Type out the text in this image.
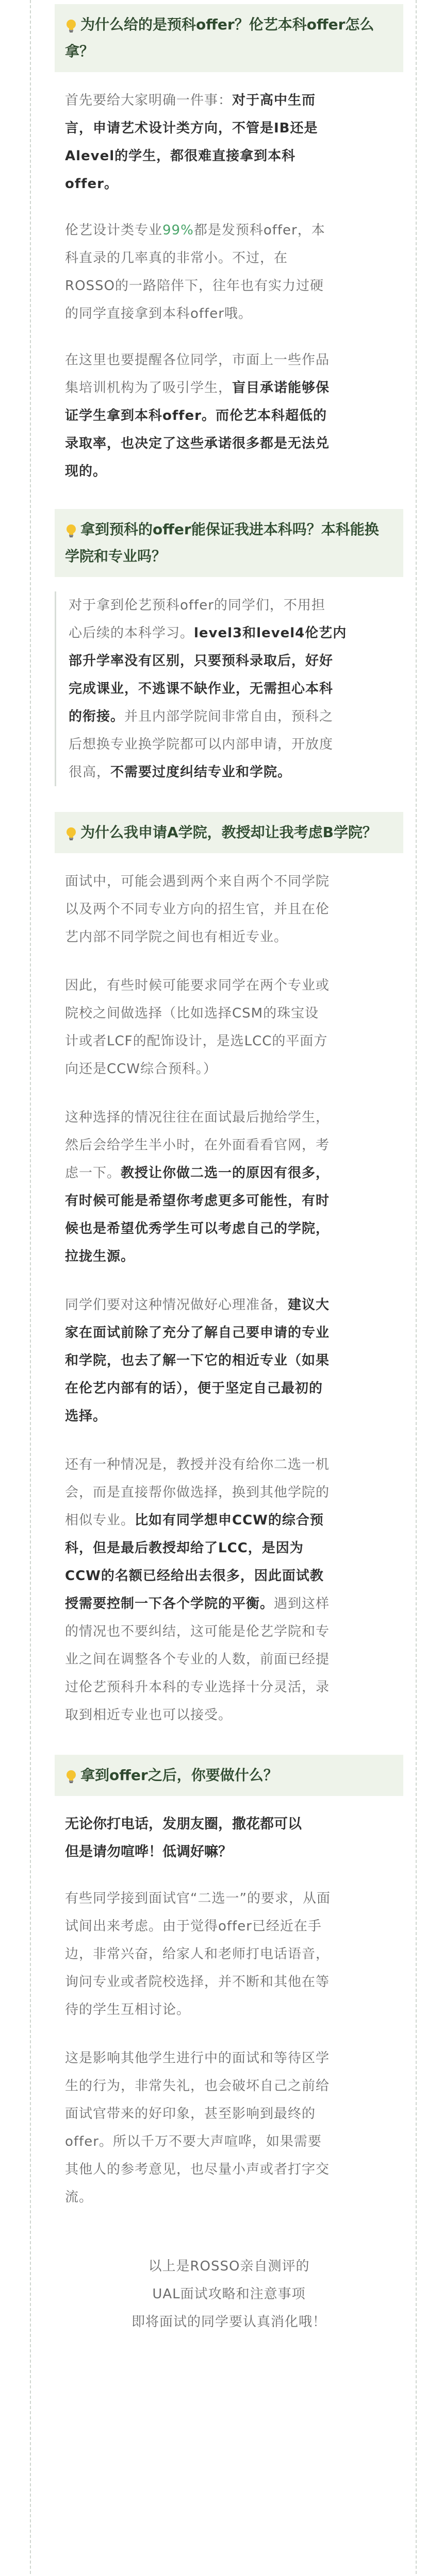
为什么给的是预科offer？伦艺本科offer怎么拿？
首先要给大家明确一件事：对于高中生而
言，申请艺术设计类方向，不管是IB还是
Alevel的学生，都很难直接拿到本科
offer。
伦艺设计类专业99%都是发预科offer，本
科直录的几率真的非常小。不过，在
ROSSO的一路陪伴下，往年也有实力过硬
的同学直接拿到本科offer哦。
在这里也要提醒各位同学，市面上一些作品
集培训机构为了吸引学生，盲目承诺能够保
证学生拿到本科offer。而伦艺本科超低的
录取率，也决定了这些承诺很多都是无法兑
现的。
拿到预科的offer能保证我进本科吗？本科能换学院和专业吗？
对于拿到伦艺预科offer的同学们，不用担
心后续的本科学习。level3和level4伦艺内
部升学率没有区别，只要预科录取后，好好
完成课业，不逃课不缺作业，无需担心本科
的衔接。并且内部学院间非常自由，预科之
后想换专业换学院都可以内部申请，开放度
很高，不需要过度纠结专业和学院。
为什么我申请A学院，教授却让我考虑B学院？
面试中，可能会遇到两个来自两个不同学院
以及两个不同专业方向的招生官，并且在伦
艺内部不同学院之间也有相近专业。
因此，有些时候可能要求同学在两个专业或
院校之间做选择（比如选择CSM的珠宝设
计或者LCF的配饰设计，是选LCC的平面方
向还是CCW综合预科。）
这种选择的情况往往在面试最后抛给学生，
然后会给学生半小时，在外面看看官网，考
虑一下。教授让你做二选一的原因有很多，
有时候可能是希望你考虑更多可能性，有时
候也是希望优秀学生可以考虑自己的学院，
拉拢生源。
同学们要对这种情况做好心理准备，建议大
家在面试前除了充分了解自己要申请的专业
和学院，也去了解一下它的相近专业（如果
在伦艺内部有的话），便于坚定自己最初的
选择。
还有一种情况是，教授并没有给你二选一机
会，而是直接帮你做选择，换到其他学院的
相似专业。比如有同学想申CCW的综合预
科，但是最后教授却给了LCC，是因为
CCW的名额已经给出去很多，因此面试教
授需要控制一下各个学院的平衡。遇到这样
的情况也不要纠结，这可能是伦艺学院和专
业之间在调整各个专业的人数，前面已经提
过伦艺预科升本科的专业选择十分灵活，录
取到相近专业也可以接受。
拿到offer之后，你要做什么？
无论你打电话，发朋友圈，撒花都可以
但是请勿喧哗！低调好嘛？
有些同学接到面试官“二选一”的要求，从面
试间出来考虑。由于觉得offer已经近在手
边，非常兴奋，给家人和老师打电话语音，
询问专业或者院校选择，并不断和其他在等
待的学生互相讨论。
这是影响其他学生进行中的面试和等待区学
生的行为，非常失礼，也会破坏自己之前给
面试官带来的好印象，甚至影响到最终的
offer。所以千万不要大声喧哗，如果需要
其他人的参考意见，也尽量小声或者打字交
流。
以上是ROSSO亲自测评的
UAL面试攻略和注意事项
即将面试的同学要认真消化哦！
